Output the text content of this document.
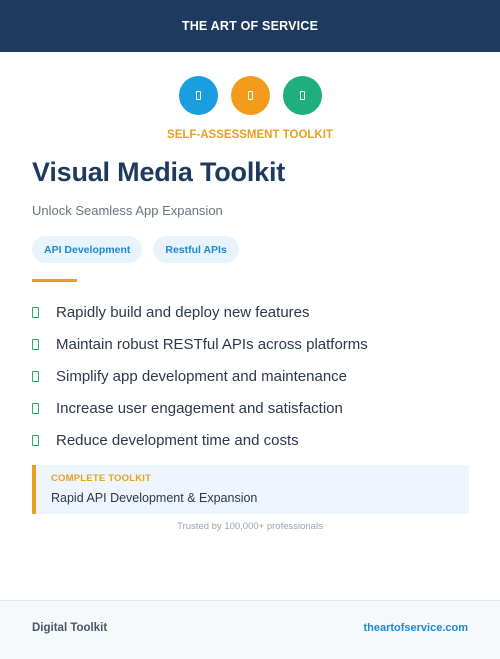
THE ART OF SERVICE
SELF-ASSESSMENT TOOLKIT
Visual Media Toolkit
Unlock Seamless App Expansion
API Development	Restful APIs
Rapidly build and deploy new features
Maintain robust RESTful APIs across platforms
Simplify app development and maintenance
Increase user engagement and satisfaction
Reduce development time and costs
COMPLETE TOOLKIT
Rapid API Development & Expansion
Trusted by 100,000+ professionals
Digital Toolkit	theartofservice.com
